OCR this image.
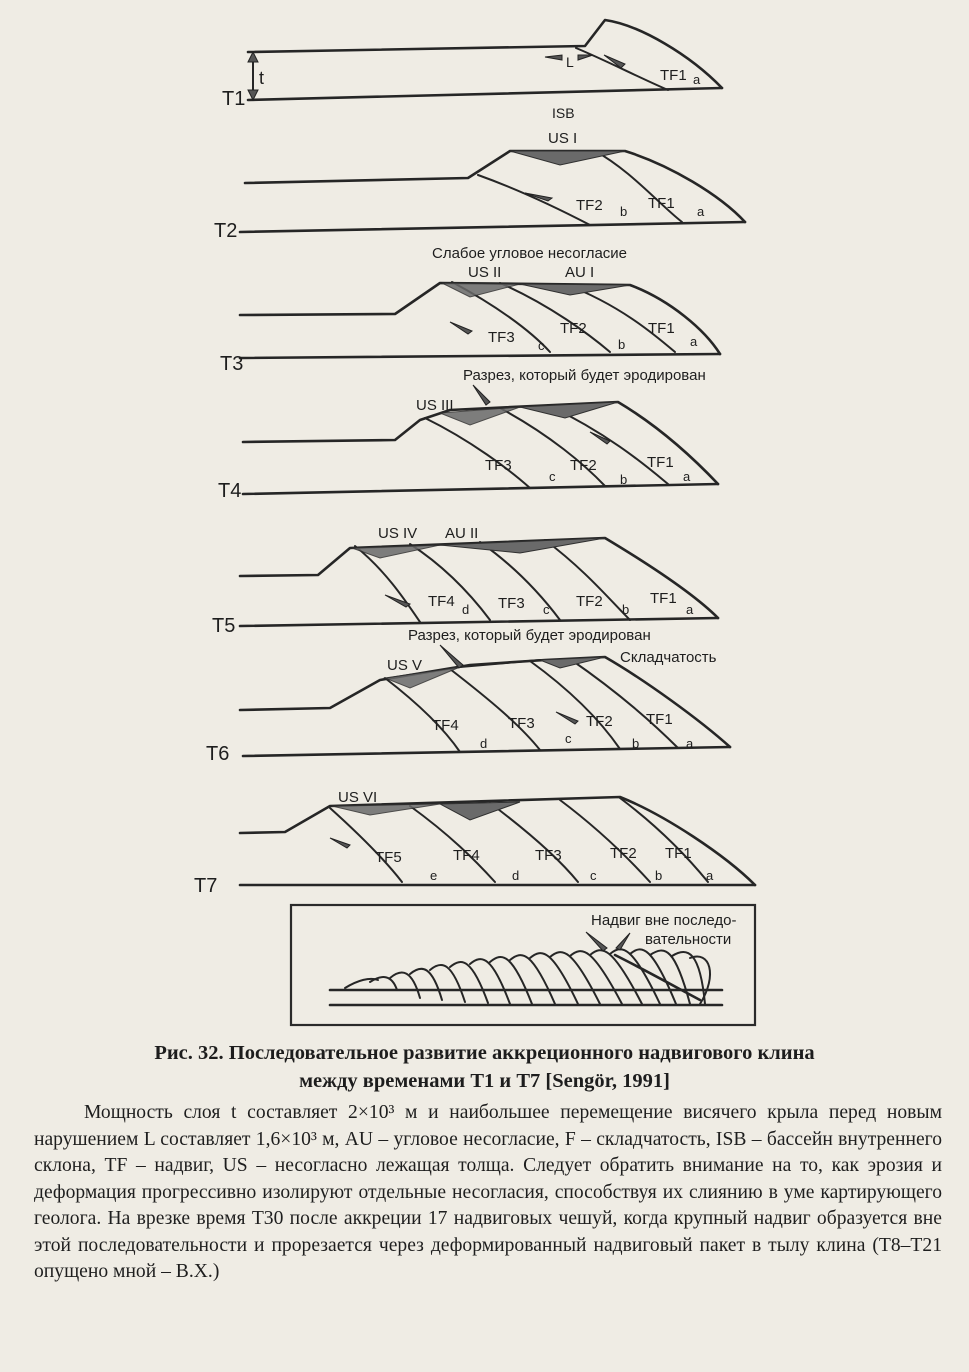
t
L
ISB
TF1 a
T1
US I
TF2 b TF1 a
T2
Слабое угловое несогласие
US II	AU I
TF3 c
TF2
b
TF1
a
T3
Разрез, который будет эродирован
US III
TF3
c
TF2
b
TF1
a
T4
US IV AU II
TF4 d TF3 c TF2 b
TF1
a
T5	Разрез, который будет эродирован
Складчатость
US V
TF4
d
TF3
c
TF2
b
TF1
a
T6
US VI
TF5
e
TF4
d
TF3
c
TF2
b
TF1
a
T7
Надвиг вне последо-
вательности
Рис. 32. Последовательное развитие аккреционного надвигового клина
между временами T1 и T7 [Sengör, 1991]

Мощность слоя t составляет 2×10³ м и наибольшее перемещение висячего крыла перед новым нарушением L составляет 1,6×10³ м, AU – угловое несогласие, F – складчатость, ISB – бассейн внутреннего склона, TF – надвиг, US – несогласно лежащая толща. Следует обратить внимание на то, как эрозия и деформация прогрессивно изолируют отдельные несогласия, способствуя их слиянию в уме картирующего геолога. На врезке время T30 после аккреции 17 надвиговых чешуй, когда крупный надвиг образуется вне этой последовательности и прорезается через деформированный надвиговый пакет в тылу клина (T8–T21 опущено мной – В.Х.)
